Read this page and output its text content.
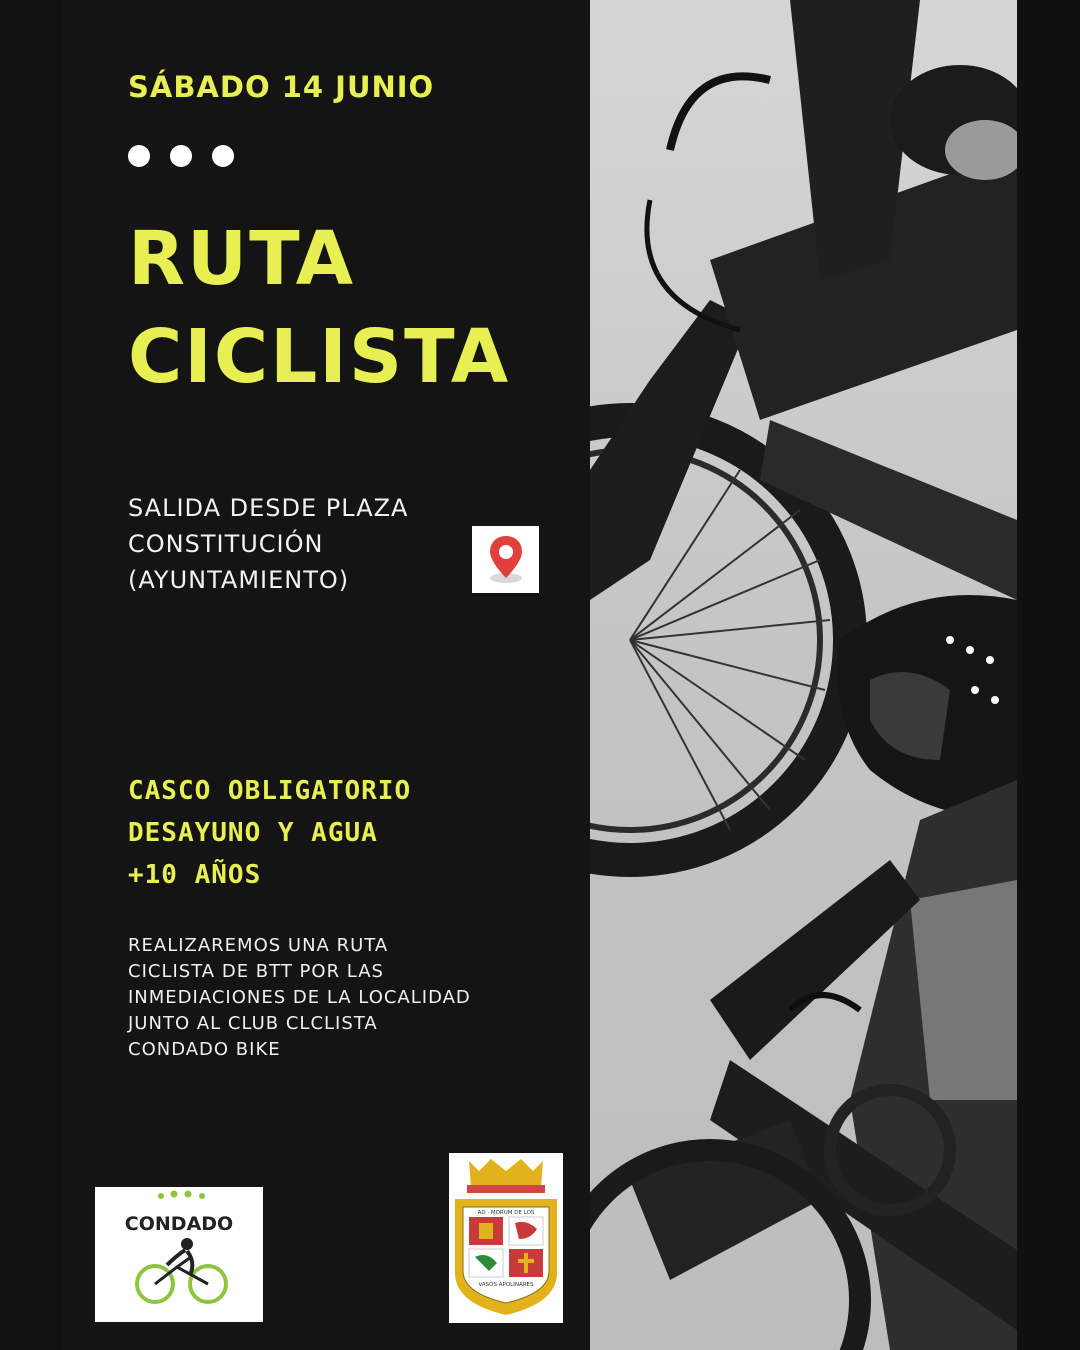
SÁBADO 14 JUNIO
RUTA
CICLISTA
SALIDA DESDE PLAZA
CONSTITUCIÓN
(AYUNTAMIENTO)
CASCO OBLIGATORIO
DESAYUNO Y AGUA
+10 AÑOS
REALIZAREMOS UNA RUTA
CICLISTA DE BTT POR LAS
INMEDIACIONES DE LA LOCALIDAD
JUNTO AL CLUB CLCLISTA
CONDADO BIKE
CONDADO	AD · MORUM DE LOS
VASOS APOLINARES
